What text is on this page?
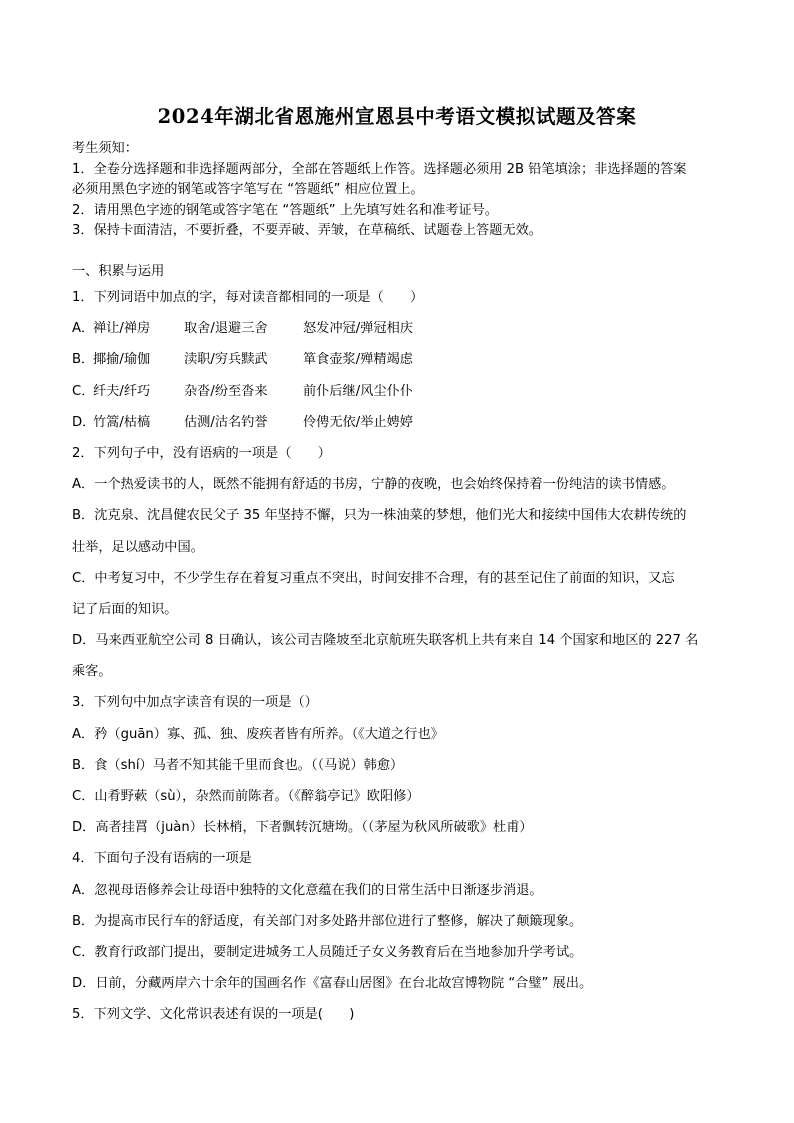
2024年湖北省恩施州宣恩县中考语文模拟试题及答案
考生须知：
1．全卷分选择题和非选择题两部分，全部在答题纸上作答。选择题必须用 2B 铅笔填涂；非选择题的答案
必须用黑色字迹的钢笔或答字笔写在 “答题纸” 相应位置上。
2．请用黑色字迹的钢笔或答字笔在 “答题纸” 上先填写姓名和准考证号。
3．保持卡面清洁，不要折叠，不要弄破、弄皱，在草稿纸、试题卷上答题无效。
一、积累与运用
1．下列词语中加点的字，每对读音都相同的一项是（　　）
A．
禅让/禅房	取舍/退避三舍	怒发冲冠/弹冠相庆
B．
揶揄/瑜伽	渎职/穷兵黩武	箪食壶浆/殚精竭虑
C．
纤夫/纤巧	杂沓/纷至沓来	前仆后继/风尘仆仆
D．
竹篙/枯槁	估测/沽名钓誉	伶俜无依/举止娉婷
2．下列句子中，没有语病的一项是（　　）
A．一个热爱读书的人，既然不能拥有舒适的书房，宁静的夜晚，也会始终保持着一份纯洁的读书情感。
B．沈克泉、沈昌健农民父子 35 年坚持不懈，只为一株油菜的梦想，他们光大和接续中国伟大农耕传统的
壮举，足以感动中国。
C．中考复习中，不少学生存在着复习重点不突出，时间安排不合理，有的甚至记住了前面的知识，又忘
记了后面的知识。
D．马来西亚航空公司 8 日确认，该公司吉隆坡至北京航班失联客机上共有来自 14 个国家和地区的 227 名
乘客。
3．下列句中加点字读音有误的一项是（）
A．矜（guān）寡、孤、独、废疾者皆有所养。（《大道之行也》
B．食（shí）马者不知其能千里而食也。（（马说）韩愈）
C．山肴野蔌（sù），杂然而前陈者。（《醉翁亭记》欧阳修）
D．高者挂罥（juàn）长林梢，下者飘转沉塘坳。（（茅屋为秋风所破歌》杜甫）
4．下面句子没有语病的一项是
A．忽视母语修养会让母语中独特的文化意蕴在我们的日常生活中日渐逐步消退。
B．为提高市民行车的舒适度，有关部门对多处路井部位进行了整修，解决了颠簸现象。
C．教育行政部门提出，要制定进城务工人员随迁子女义务教育后在当地参加升学考试。
D．日前，分藏两岸六十余年的国画名作《富春山居图》在台北故宫博物院 “合璧” 展出。
5．下列文学、文化常识表述有误的一项是(　　)
